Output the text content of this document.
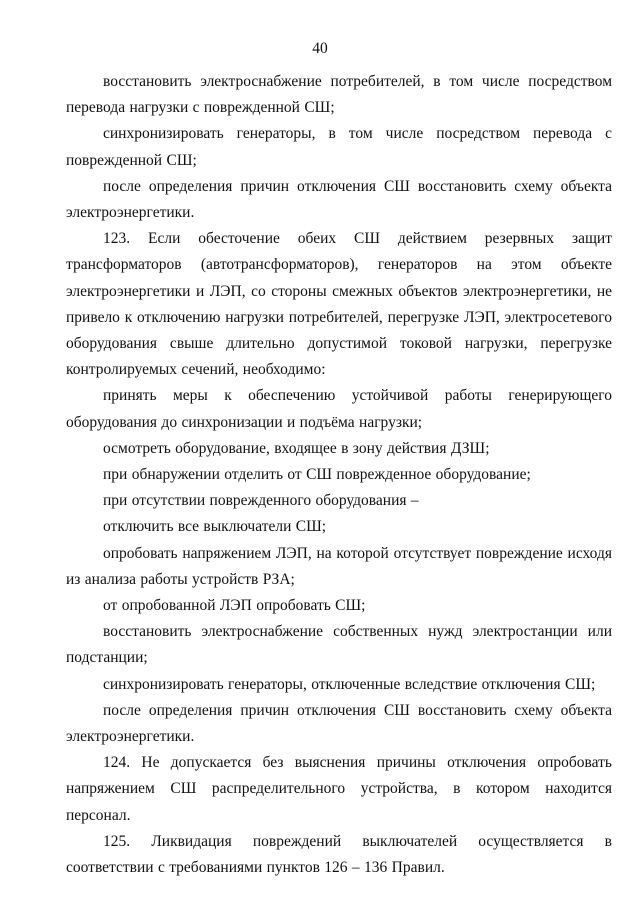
40

восстановить электроснабжение потребителей, в том числе посредством перевода нагрузки с поврежденной СШ;

синхронизировать генераторы, в том числе посредством перевода с поврежденной СШ;

после определения причин отключения СШ восстановить схему объекта электроэнергетики.

123. Если обесточение обеих СШ действием резервных защит трансформаторов (автотрансформаторов), генераторов на этом объекте электроэнергетики и ЛЭП, со стороны смежных объектов электроэнергетики, не привело к отключению нагрузки потребителей, перегрузке ЛЭП, электросетевого оборудования свыше длительно допустимой токовой нагрузки, перегрузке контролируемых сечений, необходимо:

принять меры к обеспечению устойчивой работы генерирующего оборудования до синхронизации и подъёма нагрузки;

осмотреть оборудование, входящее в зону действия ДЗШ;

при обнаружении отделить от СШ поврежденное оборудование;

при отсутствии поврежденного оборудования –

отключить все выключатели СШ;

опробовать напряжением ЛЭП, на которой отсутствует повреждение исходя из анализа работы устройств РЗА;

от опробованной ЛЭП опробовать СШ;

восстановить электроснабжение собственных нужд электростанции или подстанции;

синхронизировать генераторы, отключенные вследствие отключения СШ;

после определения причин отключения СШ восстановить схему объекта электроэнергетики.

124. Не допускается без выяснения причины отключения опробовать напряжением СШ распределительного устройства, в котором находится персонал.

125. Ликвидация повреждений выключателей осуществляется в соответствии с требованиями пунктов 126 – 136 Правил.
